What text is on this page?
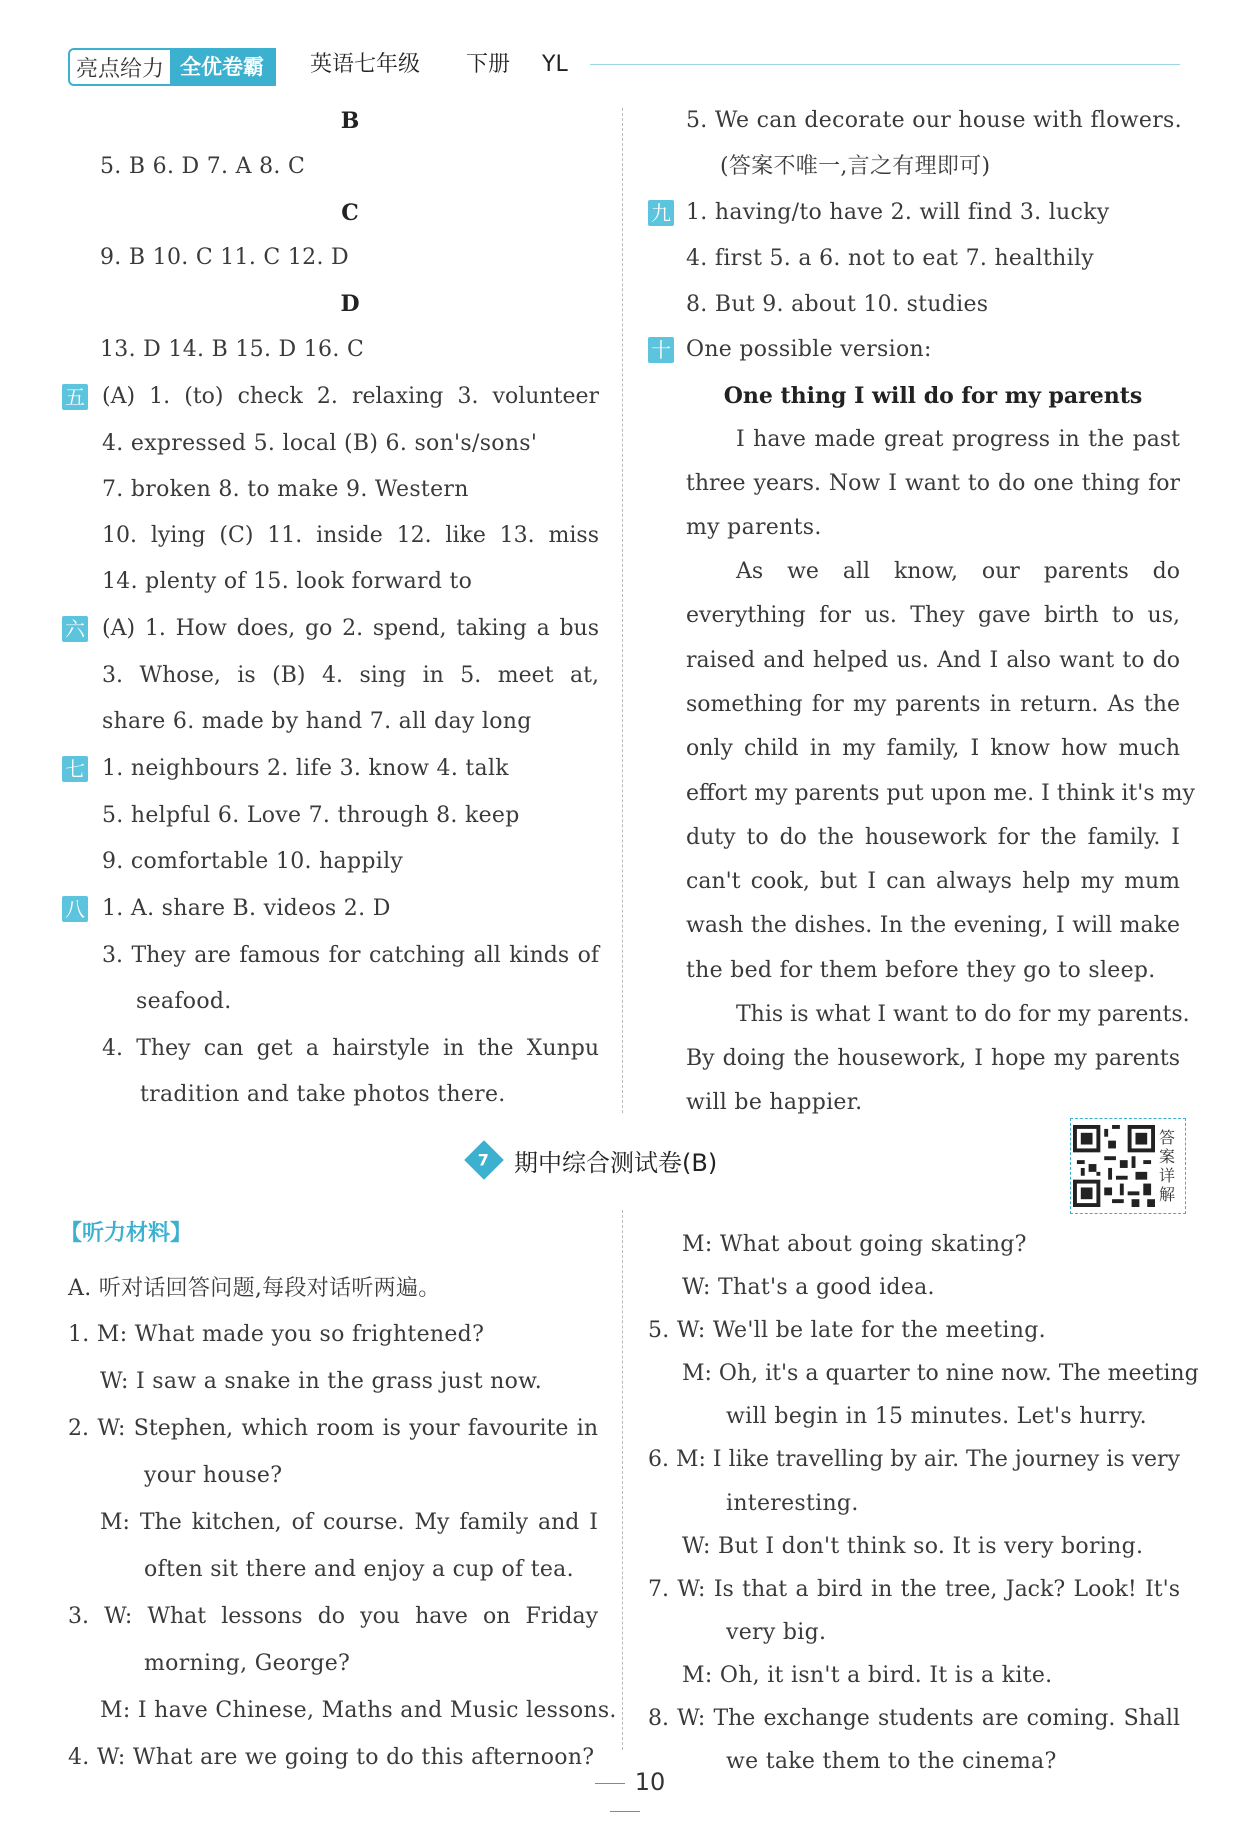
亮点给力 全优卷霸	英语七年级 下册 YL
B
5. B 6. D 7. A 8. C
C
9. B 10. C 11. C 12. D
D
13. D 14. B 15. D 16. C
五 (A) 1. (to) check 2. relaxing 3. volunteer
4. expressed 5. local (B) 6. son's/sons'
7. broken 8. to make 9. Western
10. lying (C) 11. inside 12. like 13. miss
14. plenty of 15. look forward to
六 (A) 1. How does, go 2. spend, taking a bus
3. Whose, is (B) 4. sing in 5. meet at,
share 6. made by hand 7. all day long
七 1. neighbours 2. life 3. know 4. talk
5. helpful 6. Love 7. through 8. keep
9. comfortable 10. happily
八 1. A. share B. videos 2. D
3. They are famous for catching all kinds of
seafood.
4. They can get a hairstyle in the Xunpu
tradition and take photos there.
5. We can decorate our house with flowers.
(答案不唯一,言之有理即可)
九 1. having/to have 2. will find 3. lucky
4. first 5. a 6. not to eat 7. healthily
8. But 9. about 10. studies
十 One possible version:
One thing I will do for my parents
I have made great progress in the past
three years. Now I want to do one thing for
my parents.
As we all know, our parents do
everything for us. They gave birth to us,
raised and helped us. And I also want to do
something for my parents in return. As the
only child in my family, I know how much
effort my parents put upon me. I think it's my
duty to do the housework for the family. I
can't cook, but I can always help my mum
wash the dishes. In the evening, I will make
the bed for them before they go to sleep.
This is what I want to do for my parents.
By doing the housework, I hope my parents
will be happier.
7 期中综合测试卷(B)
答案详解
【听力材料】
A. 听对话回答问题,每段对话听两遍。
1. M: What made you so frightened?
W: I saw a snake in the grass just now.
2. W: Stephen, which room is your favourite in
your house?
M: The kitchen, of course. My family and I
often sit there and enjoy a cup of tea.
3. W: What lessons do you have on Friday
morning, George?
M: I have Chinese, Maths and Music lessons.
4. W: What are we going to do this afternoon?
M: What about going skating?
W: That's a good idea.
5. W: We'll be late for the meeting.
M: Oh, it's a quarter to nine now. The meeting
will begin in 15 minutes. Let's hurry.
6. M: I like travelling by air. The journey is very
interesting.
W: But I don't think so. It is very boring.
7. W: Is that a bird in the tree, Jack? Look! It's
very big.
M: Oh, it isn't a bird. It is a kite.
8. W: The exchange students are coming. Shall
we take them to the cinema?
10
